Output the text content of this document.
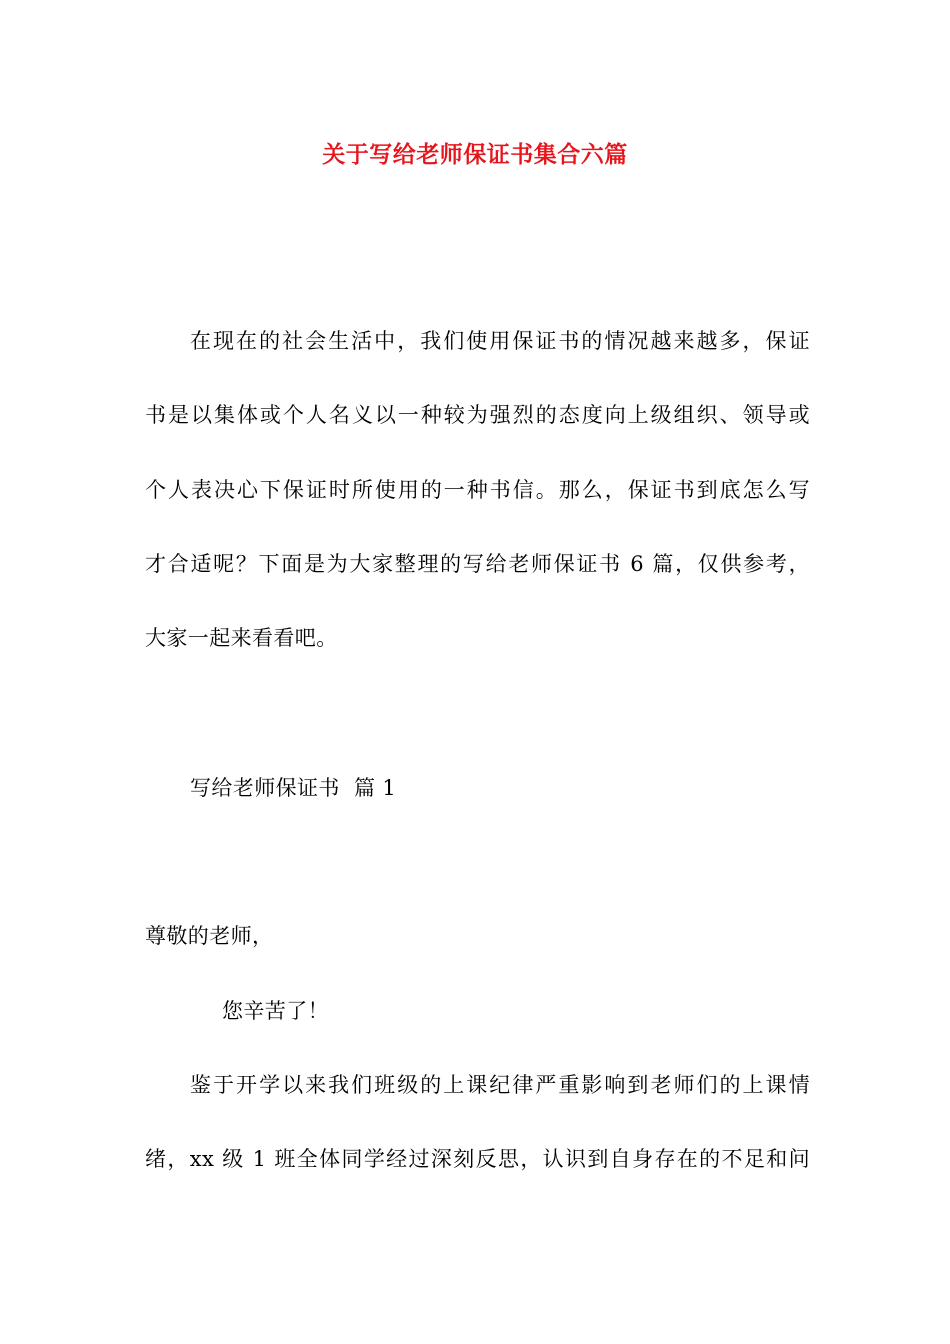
关于写给老师保证书集合六篇
在现在的社会生活中，我们使用保证书的情况越来越多，保证
书是以集体或个人名义以一种较为强烈的态度向上级组织、领导或
个人表决心下保证时所使用的一种书信。那么，保证书到底怎么写
才合适呢？下面是为大家整理的写给老师保证书 6 篇，仅供参考，
大家一起来看看吧。
写给老师保证书  篇 1
尊敬的老师，
您辛苦了！
鉴于开学以来我们班级的上课纪律严重影响到老师们的上课情
绪，xx 级 1 班全体同学经过深刻反思，认识到自身存在的不足和问
